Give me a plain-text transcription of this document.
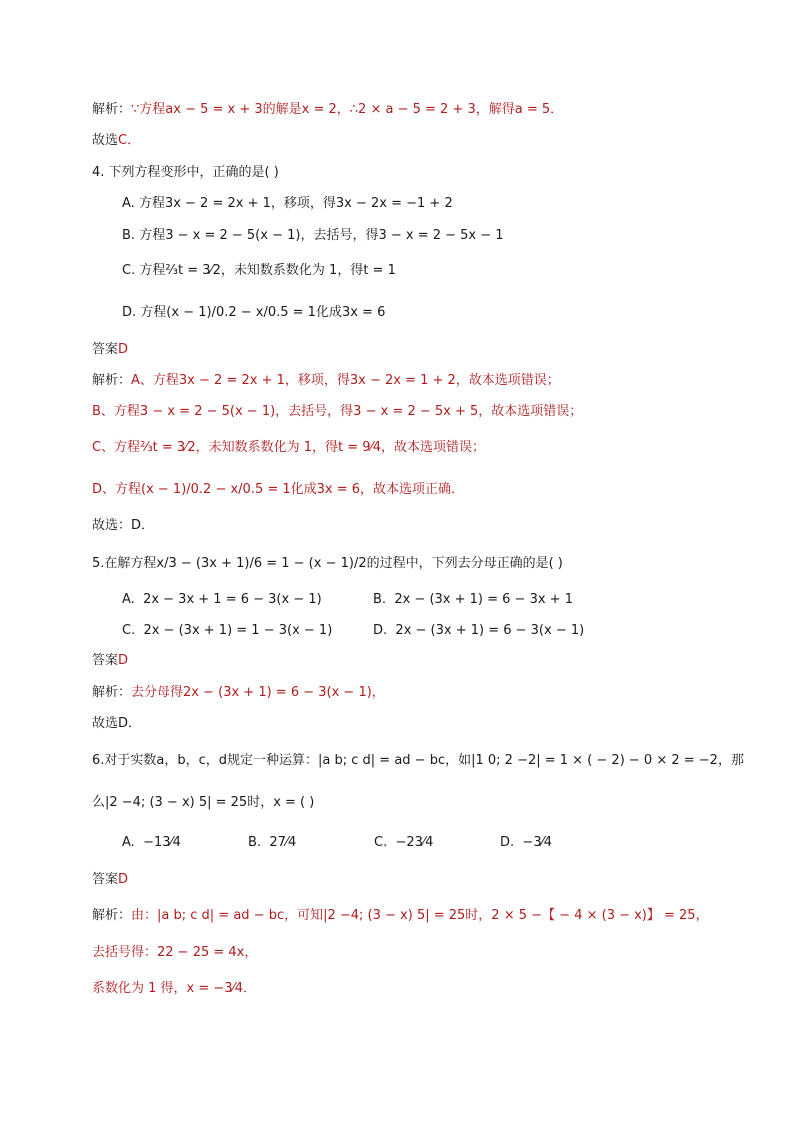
解析：∵方程ax − 5 = x + 3的解是x = 2，∴2 × a − 5 = 2 + 3，解得a = 5．
故选C．
4. 下列方程变形中，正确的是( )
A. 方程3x − 2 = 2x + 1，移项，得3x − 2x = −1 + 2
B. 方程3 − x = 2 − 5(x − 1)，去括号，得3 − x = 2 − 5x − 1
C. 方程⅔t = 3⁄2，未知数系数化为 1，得t = 1
D. 方程(x − 1)/0.2 − x/0.5 = 1化成3x = 6
答案D
解析：A、方程3x − 2 = 2x + 1，移项，得3x − 2x = 1 + 2，故本选项错误；
B、方程3 − x = 2 − 5(x − 1)，去括号，得3 − x = 2 − 5x + 5，故本选项错误；
C、方程⅔t = 3⁄2，未知数系数化为 1，得t = 9⁄4，故本选项错误；
D、方程(x − 1)/0.2 − x/0.5 = 1化成3x = 6，故本选项正确．
故选：D．
5.在解方程x/3 − (3x + 1)/6 = 1 − (x − 1)/2的过程中，下列去分母正确的是( )
A. 2x − 3x + 1 = 6 − 3(x − 1)	B. 2x − (3x + 1) = 6 − 3x + 1
C. 2x − (3x + 1) = 1 − 3(x − 1)	D. 2x − (3x + 1) = 6 − 3(x − 1)
答案D
解析：去分母得2x − (3x + 1) = 6 − 3(x − 1)，
故选D．
6.对于实数a，b，c，d规定一种运算：|a b; c d| = ad − bc，如|1 0; 2 −2| = 1 × ( − 2) − 0 × 2 = −2，那
么|2 −4; (3 − x) 5| = 25时，x = ( )
A. −13⁄4	B. 27⁄4	C. −23⁄4	D. −3⁄4
答案D
解析：由：|a b; c d| = ad − bc，可知|2 −4; (3 − x) 5| = 25时，2 × 5 −【 − 4 × (3 − x)】 = 25，
去括号得：22 − 25 = 4x，
系数化为 1 得，x = −3⁄4．
